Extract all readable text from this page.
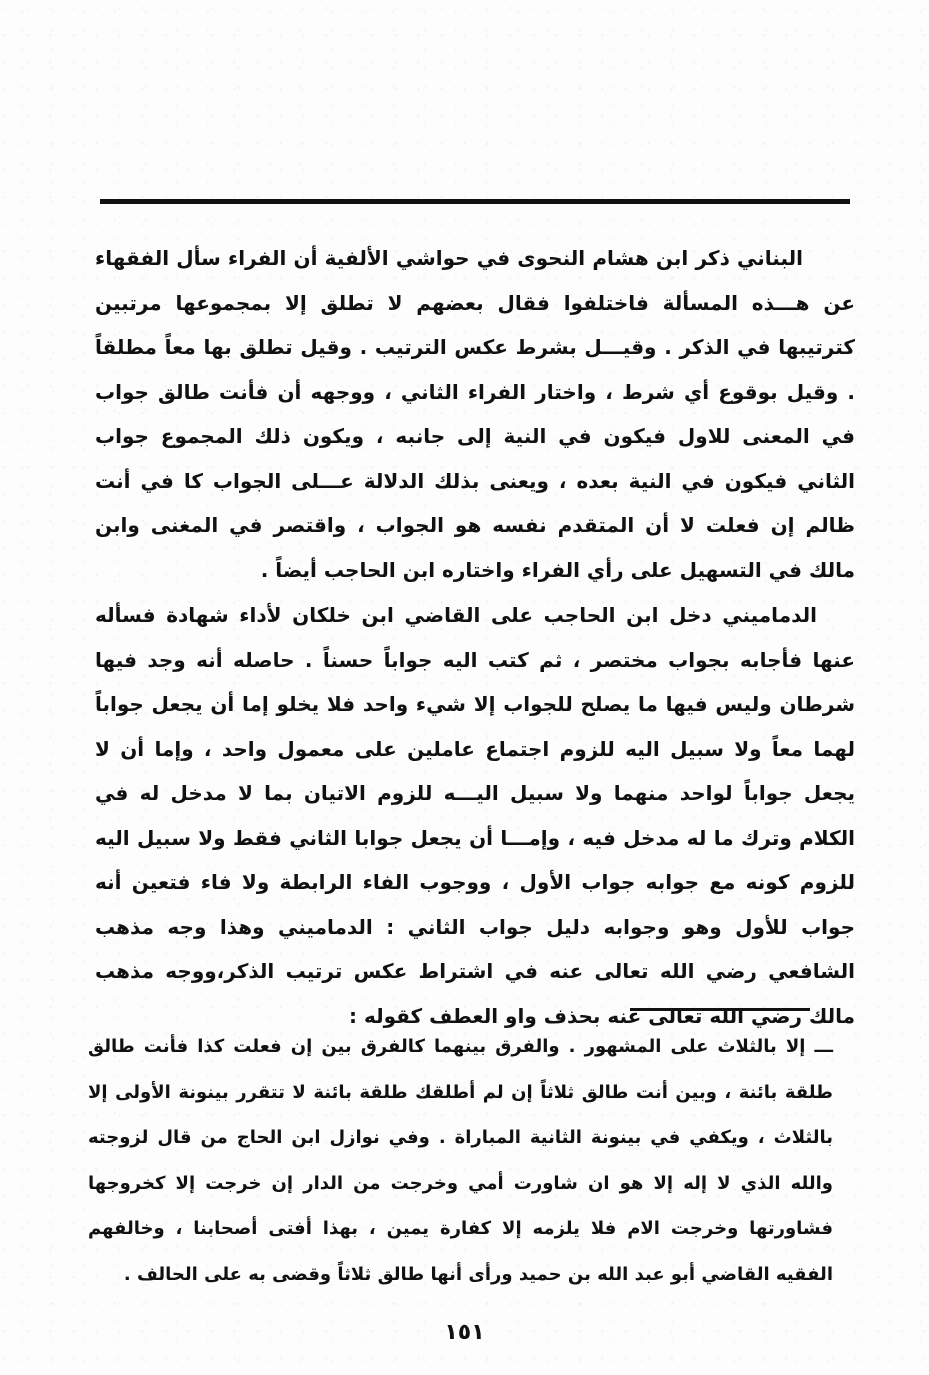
البناني ذكر ابن هشام النحوى في حواشي الألفية أن الفراء سأل الفقهاء عن هـــذه المسألة فاختلفوا فقال بعضهم لا تطلق إلا بمجموعها مرتبين كترتيبها في الذكر . وقيـــل بشرط عكس الترتيب . وقيل تطلق بها معاً مطلقاً . وقيل بوقوع أي شرط ، واختار الفراء الثاني ، ووجهه أن فأنت طالق جواب في المعنى للاول فيكون في النية إلى جانبه ، ويكون ذلك المجموع جواب الثاني فيكون في النية بعده ، ويعنى بذلك الدلالة عـــلى الجواب كا في أنت ظالم إن فعلت لا أن المتقدم نفسه هو الجواب ، واقتصر في المغنى وابن مالك في التسهيل على رأي الفراء واختاره ابن الحاجب أيضاً .

الدماميني دخل ابن الحاجب على القاضي ابن خلكان لأداء شهادة فسأله عنها فأجابه بجواب مختصر ، ثم كتب اليه جواباً حسناً . حاصله أنه وجد فيها شرطان وليس فيها ما يصلح للجواب إلا شيء واحد فلا يخلو إما أن يجعل جواباً لهما معاً ولا سبيل اليه للزوم اجتماع عاملين على معمول واحد ، وإما أن لا يجعل جواباً لواحد منهما ولا سبيل اليـــه للزوم الاتيان بما لا مدخل له في الكلام وترك ما له مدخل فيه ، وإمـــا أن يجعل جوابا الثاني فقط ولا سبيل اليه للزوم كونه مع جوابه جواب الأول ، ووجوب الفاء الرابطة ولا فاء فتعين أنه جواب للأول وهو وجوابه دليل جواب الثاني : الدماميني وهذا وجه مذهب الشافعي رضي الله تعالى عنه في اشتراط عكس ترتيب الذكر،ووجه مذهب مالك رضي الله تعالى عنه بحذف واو العطف كقوله :

ـــ إلا بالثلاث على المشهور . والفرق بينهما كالفرق بين إن فعلت كذا فأنت طالق طلقة بائنة ، وبين أنت طالق ثلاثاً إن لم أطلقك طلقة بائنة لا تتقرر بينونة الأولى إلا بالثلاث ، ويكفي في بينونة الثانية المباراة . وفي نوازل ابن الحاج من قال لزوجته والله الذي لا إله إلا هو ان شاورت أمي وخرجت من الدار إن خرجت إلا كخروجها فشاورتها وخرجت الام فلا يلزمه إلا كفارة يمين ، بهذا أفتى أصحابنا ، وخالفهم الفقيه القاضي أبو عبد الله بن حميد ورأى أنها طالق ثلاثاً وقضى به على الحالف .

١٥١
